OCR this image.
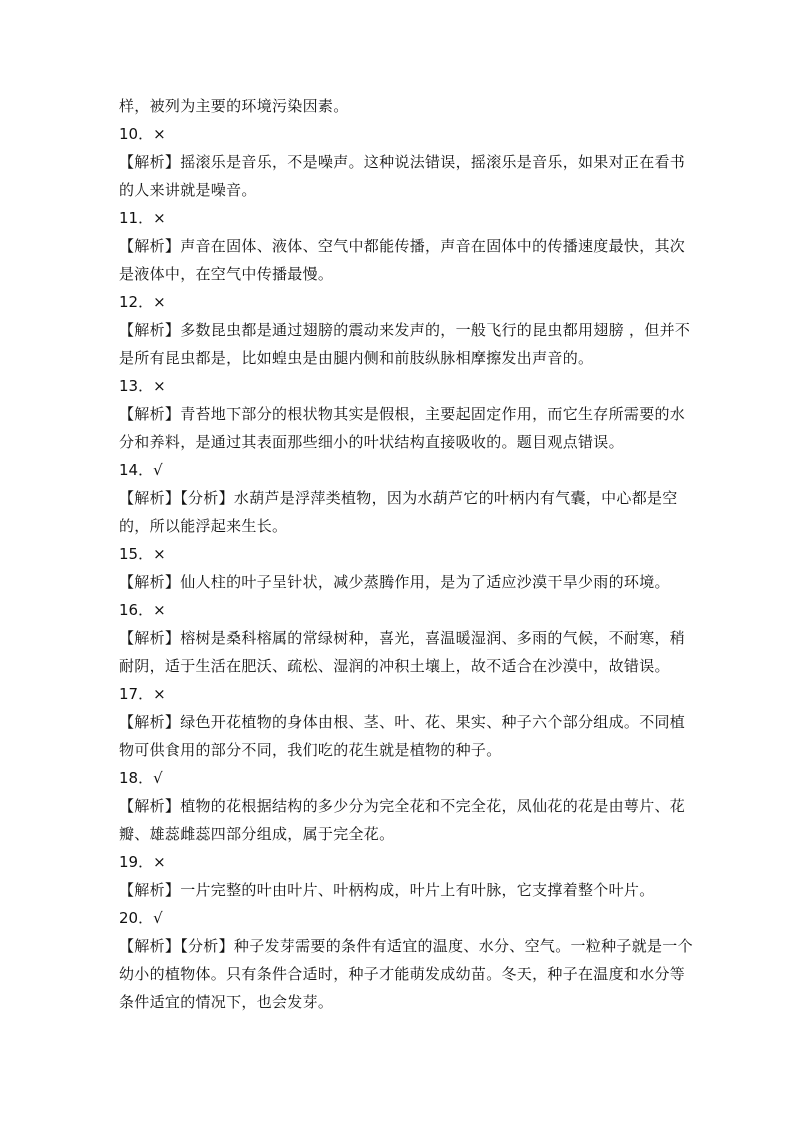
样，被列为主要的环境污染因素。
10．×
【解析】摇滚乐是音乐，不是噪声。这种说法错误，摇滚乐是音乐，如果对正在看书
的人来讲就是噪音。
11．×
【解析】声音在固体、液体、空气中都能传播，声音在固体中的传播速度最快，其次
是液体中，在空气中传播最慢。
12．×
【解析】多数昆虫都是通过翅膀的震动来发声的，一般飞行的昆虫都用翅膀 ，但并不
是所有昆虫都是，比如蝗虫是由腿内侧和前肢纵脉相摩擦发出声音的。
13．×
【解析】青苔地下部分的根状物其实是假根，主要起固定作用，而它生存所需要的水
分和养料，是通过其表面那些细小的叶状结构直接吸收的。题目观点错误。
14．√
【解析】【分析】水葫芦是浮萍类植物，因为水葫芦它的叶柄内有气囊，中心都是空
的，所以能浮起来生长。
15．×
【解析】仙人柱的叶子呈针状，减少蒸腾作用，是为了适应沙漠干旱少雨的环境。
16．×
【解析】榕树是桑科榕属的常绿树种，喜光，喜温暖湿润、多雨的气候，不耐寒，稍
耐阴，适于生活在肥沃、疏松、湿润的冲积土壤上，故不适合在沙漠中，故错误。
17．×
【解析】绿色开花植物的身体由根、茎、叶、花、果实、种子六个部分组成。不同植
物可供食用的部分不同，我们吃的花生就是植物的种子。
18．√
【解析】植物的花根据结构的多少分为完全花和不完全花，凤仙花的花是由萼片、花
瓣、雄蕊雌蕊四部分组成，属于完全花。
19．×
【解析】一片完整的叶由叶片、叶柄构成，叶片上有叶脉，它支撑着整个叶片。
20．√
【解析】【分析】种子发芽需要的条件有适宜的温度、水分、空气。一粒种子就是一个
幼小的植物体。只有条件合适时，种子才能萌发成幼苗。冬天，种子在温度和水分等
条件适宜的情况下，也会发芽。
